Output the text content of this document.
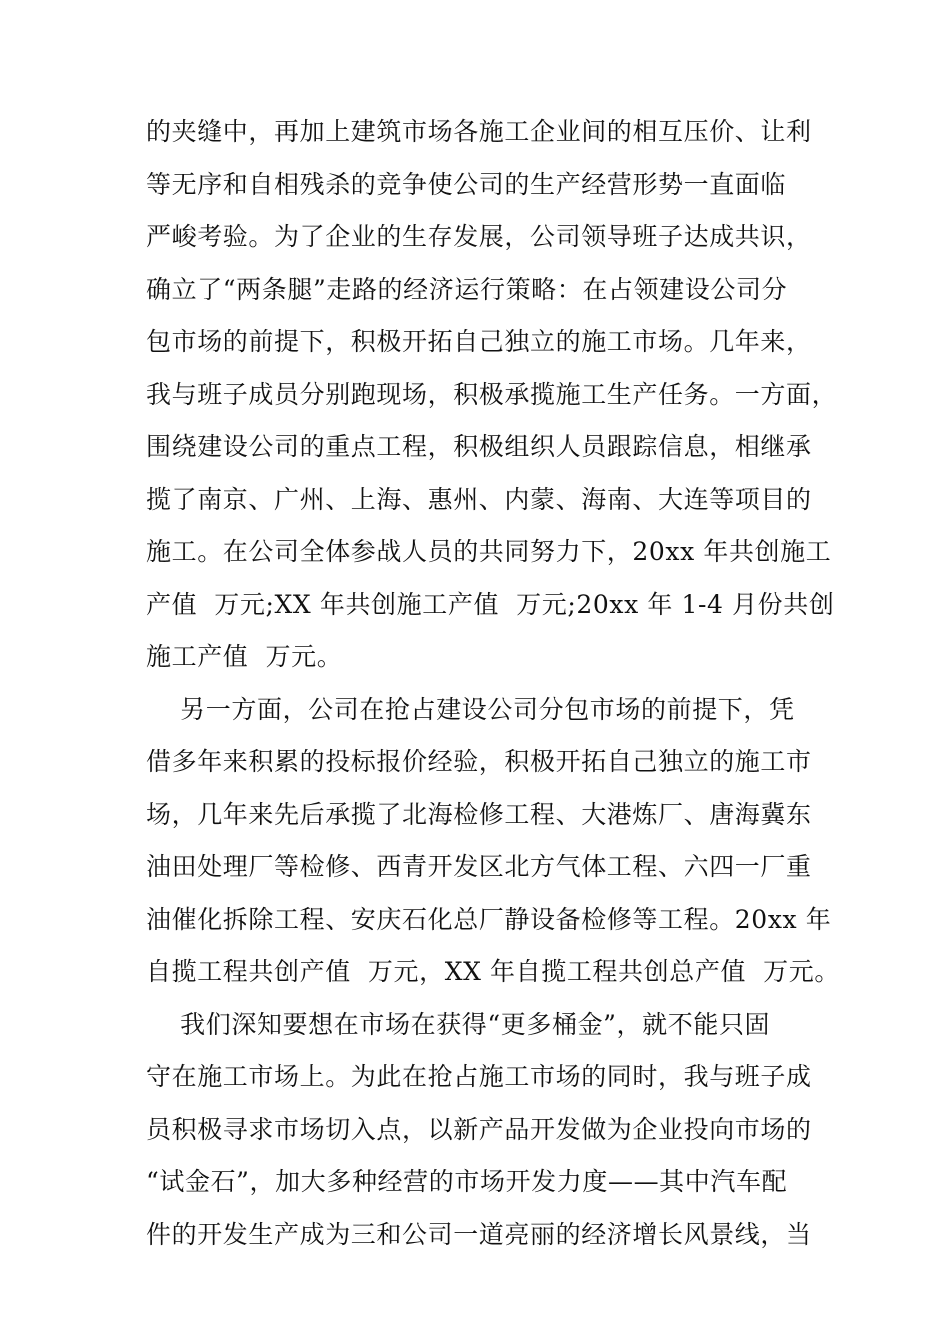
的夹缝中，再加上建筑市场各施工企业间的相互压价、让利
等无序和自相残杀的竞争使公司的生产经营形势一直面临
严峻考验。为了企业的生存发展，公司领导班子达成共识，
确立了“两条腿”走路的经济运行策略：在占领建设公司分
包市场的前提下，积极开拓自己独立的施工市场。几年来，
我与班子成员分别跑现场，积极承揽施工生产任务。一方面，
围绕建设公司的重点工程，积极组织人员跟踪信息，相继承
揽了南京、广州、上海、惠州、内蒙、海南、大连等项目的
施工。在公司全体参战人员的共同努力下，20xx 年共创施工
产值  万元;XX 年共创施工产值  万元;20xx 年 1-4 月份共创
施工产值  万元。
另一方面，公司在抢占建设公司分包市场的前提下，凭
借多年来积累的投标报价经验，积极开拓自己独立的施工市
场，几年来先后承揽了北海检修工程、大港炼厂、唐海冀东
油田处理厂等检修、西青开发区北方气体工程、六四一厂重
油催化拆除工程、安庆石化总厂静设备检修等工程。20xx 年
自揽工程共创产值  万元，XX 年自揽工程共创总产值  万元。
我们深知要想在市场在获得“更多桶金”，就不能只固
守在施工市场上。为此在抢占施工市场的同时，我与班子成
员积极寻求市场切入点，以新产品开发做为企业投向市场的
“试金石”，加大多种经营的市场开发力度——其中汽车配
件的开发生产成为三和公司一道亮丽的经济增长风景线，当
